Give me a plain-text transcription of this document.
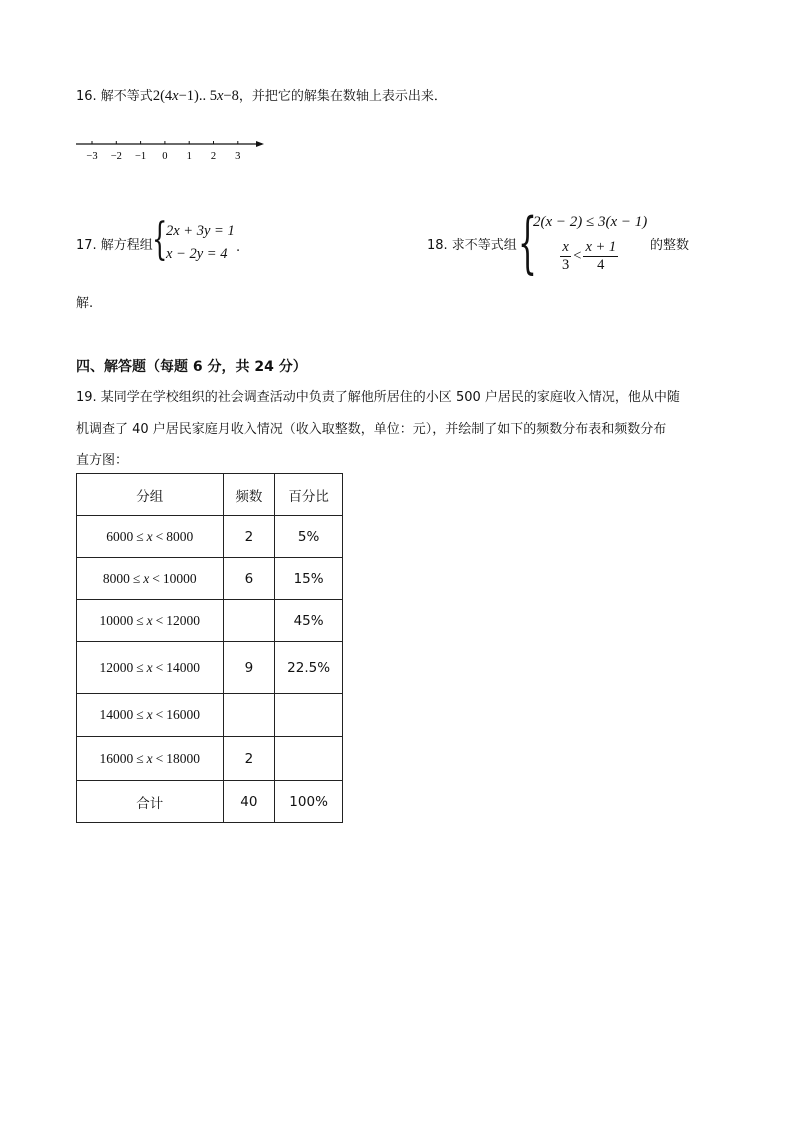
16. 解不等式2(4x−1).. 5x−8，并把它的解集在数轴上表示出来．
−3 −2 −1 0 1 2 3
17. 解方程组 {
2x + 3y = 1
x − 2y = 4 .	18. 求不等式组 {
2(x − 2) ≤ 3(x − 1)
$\frac{x}{3} < \frac{x + 1}{4}$ 的整数
解.
四、解答题（每题 6 分，共 24 分）
19. 某同学在学校组织的社会调查活动中负责了解他所居住的小区 500 户居民的家庭收入情况，他从中随
机调查了 40 户居民家庭月收入情况（收入取整数，单位：元），并绘制了如下的频数分布表和频数分布
直方图：
分组	频数	百分比
6000 ≤ x < 8000	2	5%
8000 ≤ x < 10000	6	15%
10000 ≤ x < 12000		45%
12000 ≤ x < 14000	9	22.5%
14000 ≤ x < 16000		
16000 ≤ x < 18000	2	
合计	40	100%
